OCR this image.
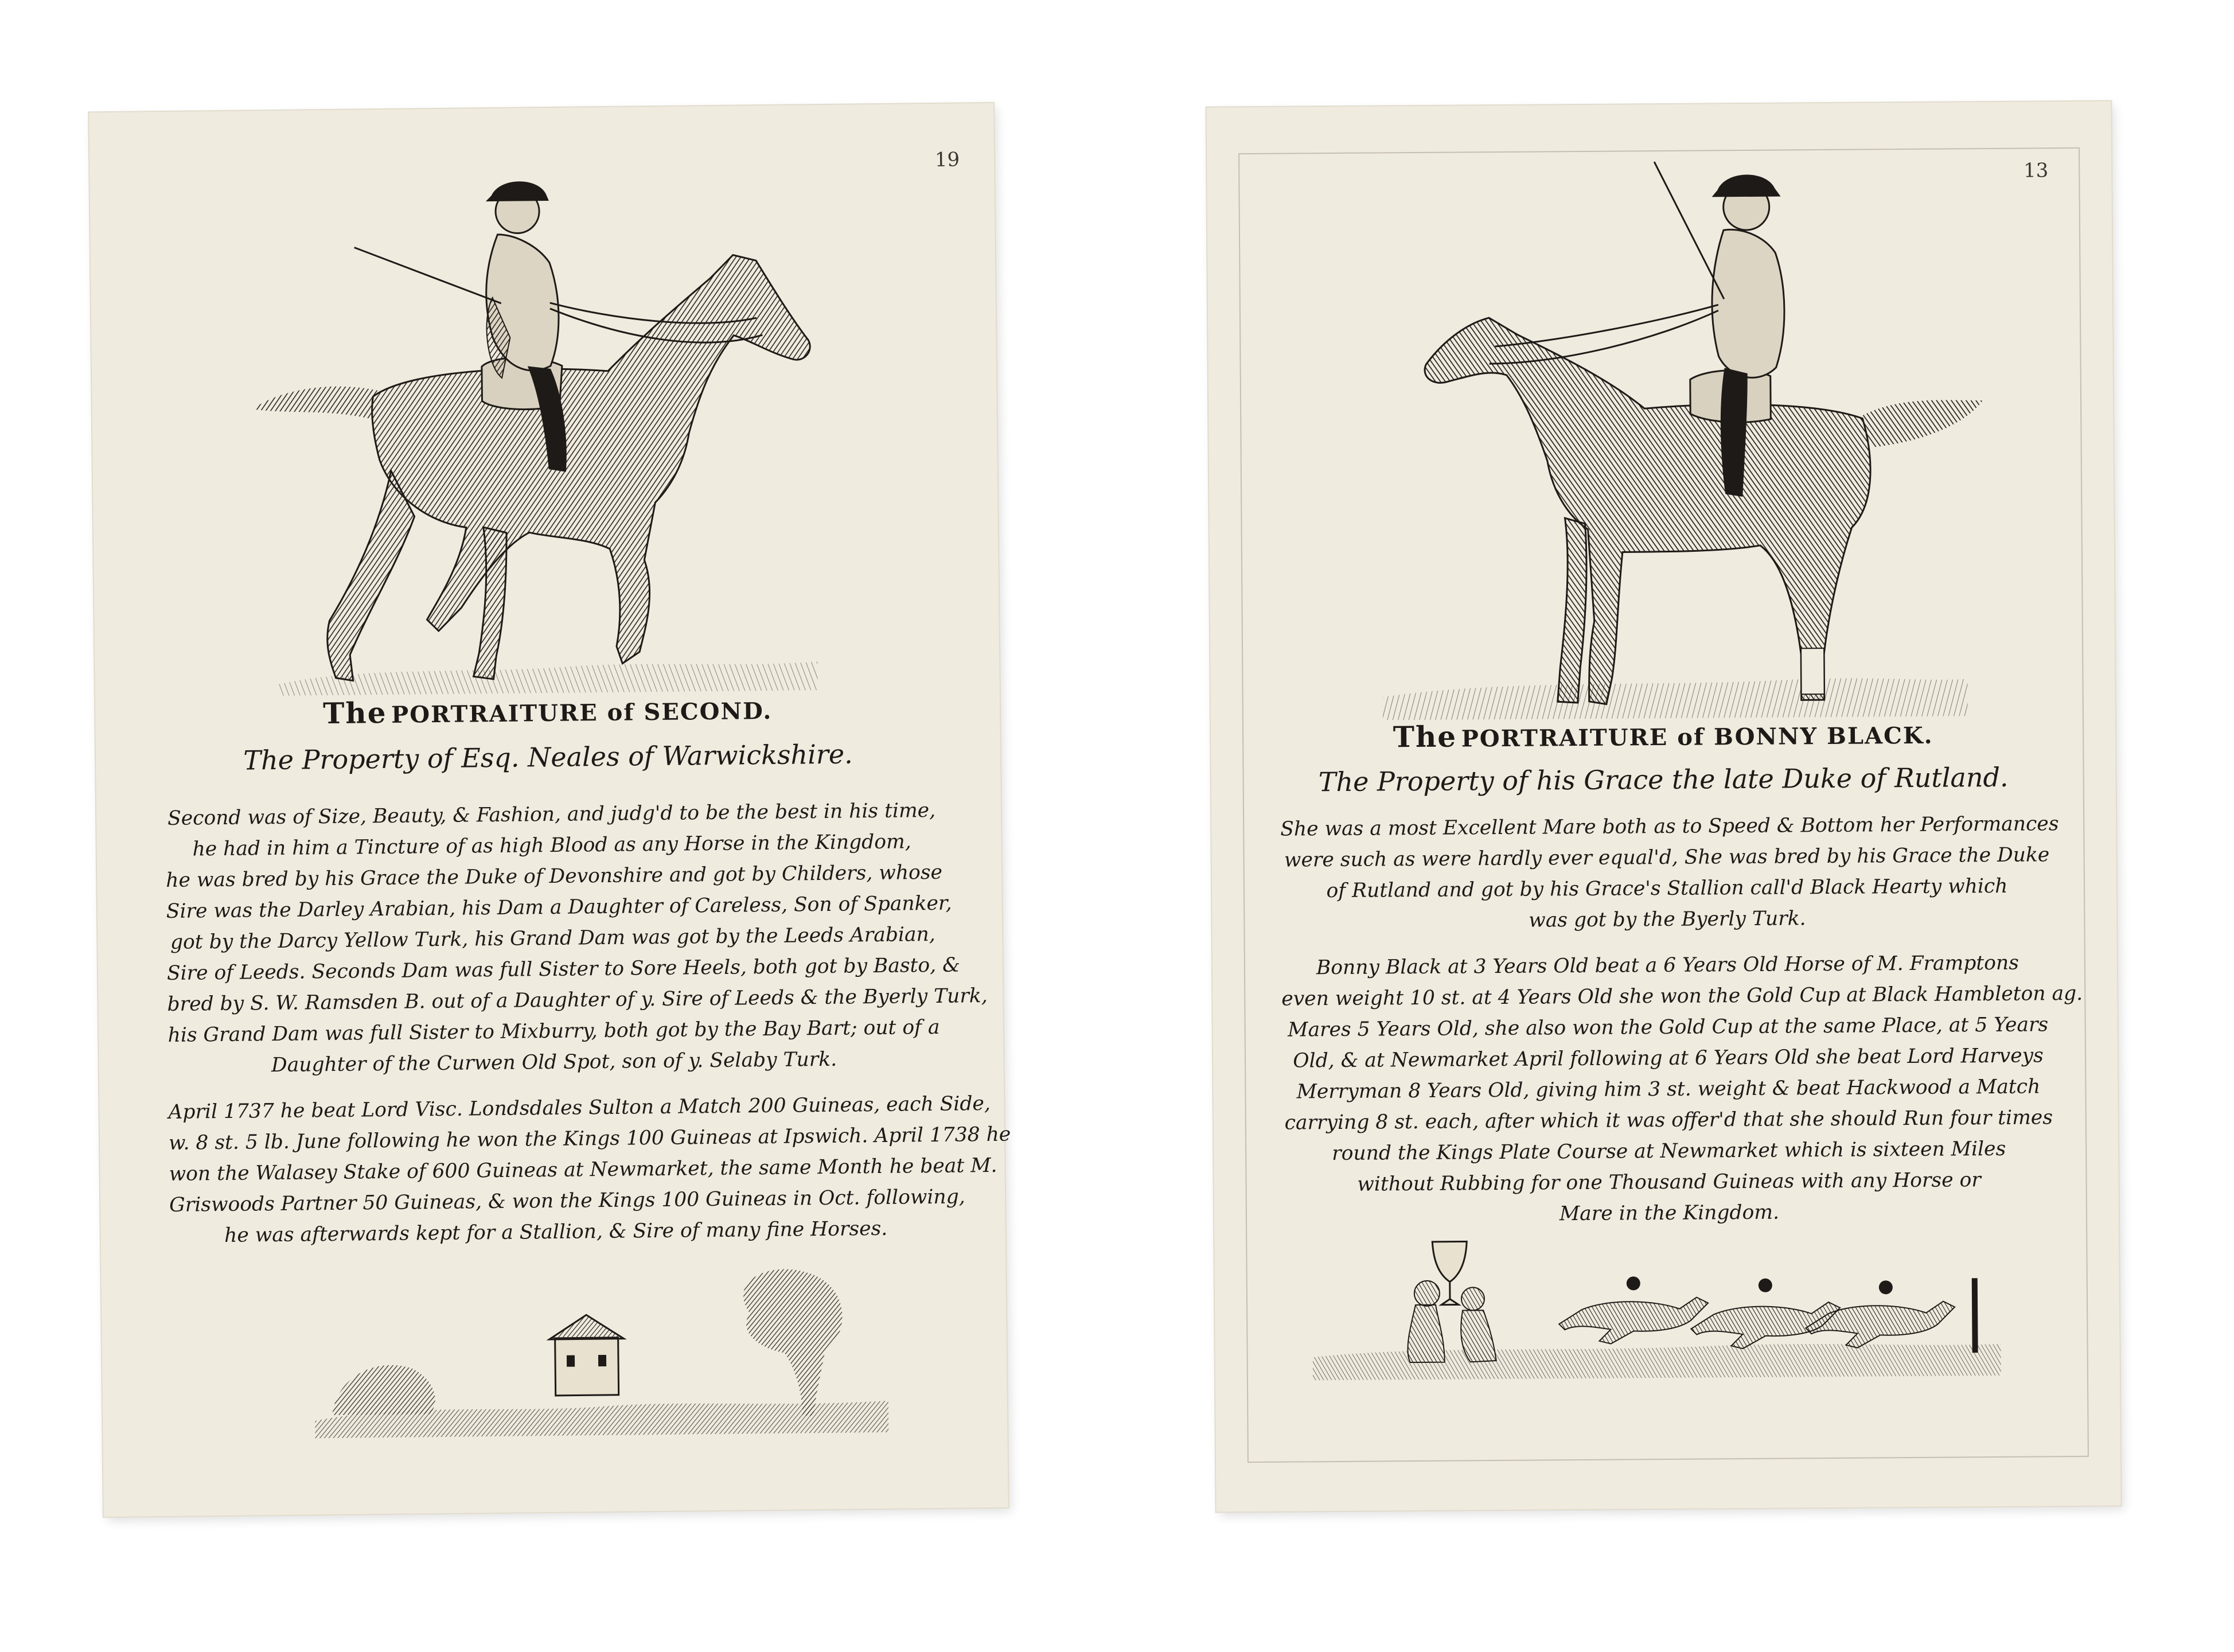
19
The PORTRAITURE of SECOND.
The Property of Esq. Neales of Warwickshire.

Second was of Size, Beauty, & Fashion, and judg'd to be the best in his time,

he had in him a Tincture of as high Blood as any Horse in the Kingdom,

he was bred by his Grace the Duke of Devonshire and got by Childers, whose

Sire was the Darley Arabian, his Dam a Daughter of Careless, Son of Spanker,

got by the Darcy Yellow Turk, his Grand Dam was got by the Leeds Arabian,

Sire of Leeds. Seconds Dam was full Sister to Sore Heels, both got by Basto, &

bred by S. W. Ramsden B. out of a Daughter of y. Sire of Leeds & the Byerly Turk,

his Grand Dam was full Sister to Mixburry, both got by the Bay Bart; out of a

Daughter of the Curwen Old Spot, son of y. Selaby Turk.

April 1737 he beat Lord Visc. Londsdales Sulton a Match 200 Guineas, each Side,

w. 8 st. 5 lb. June following he won the Kings 100 Guineas at Ipswich. April 1738 he

won the Walasey Stake of 600 Guineas at Newmarket, the same Month he beat M.

Griswoods Partner 50 Guineas, & won the Kings 100 Guineas in Oct. following,

he was afterwards kept for a Stallion, & Sire of many fine Horses.

13
The PORTRAITURE of BONNY BLACK.
The Property of his Grace the late Duke of Rutland.

She was a most Excellent Mare both as to Speed & Bottom her Performances

were such as were hardly ever equal'd, She was bred by his Grace the Duke

of Rutland and got by his Grace's Stallion call'd Black Hearty which

was got by the Byerly Turk.

Bonny Black at 3 Years Old beat a 6 Years Old Horse of M. Framptons

even weight 10 st. at 4 Years Old she won the Gold Cup at Black Hambleton ag.

Mares 5 Years Old, she also won the Gold Cup at the same Place, at 5 Years

Old, & at Newmarket April following at 6 Years Old she beat Lord Harveys

Merryman 8 Years Old, giving him 3 st. weight & beat Hackwood a Match

carrying 8 st. each, after which it was offer'd that she should Run four times

round the Kings Plate Course at Newmarket which is sixteen Miles

without Rubbing for one Thousand Guineas with any Horse or

Mare in the Kingdom.
